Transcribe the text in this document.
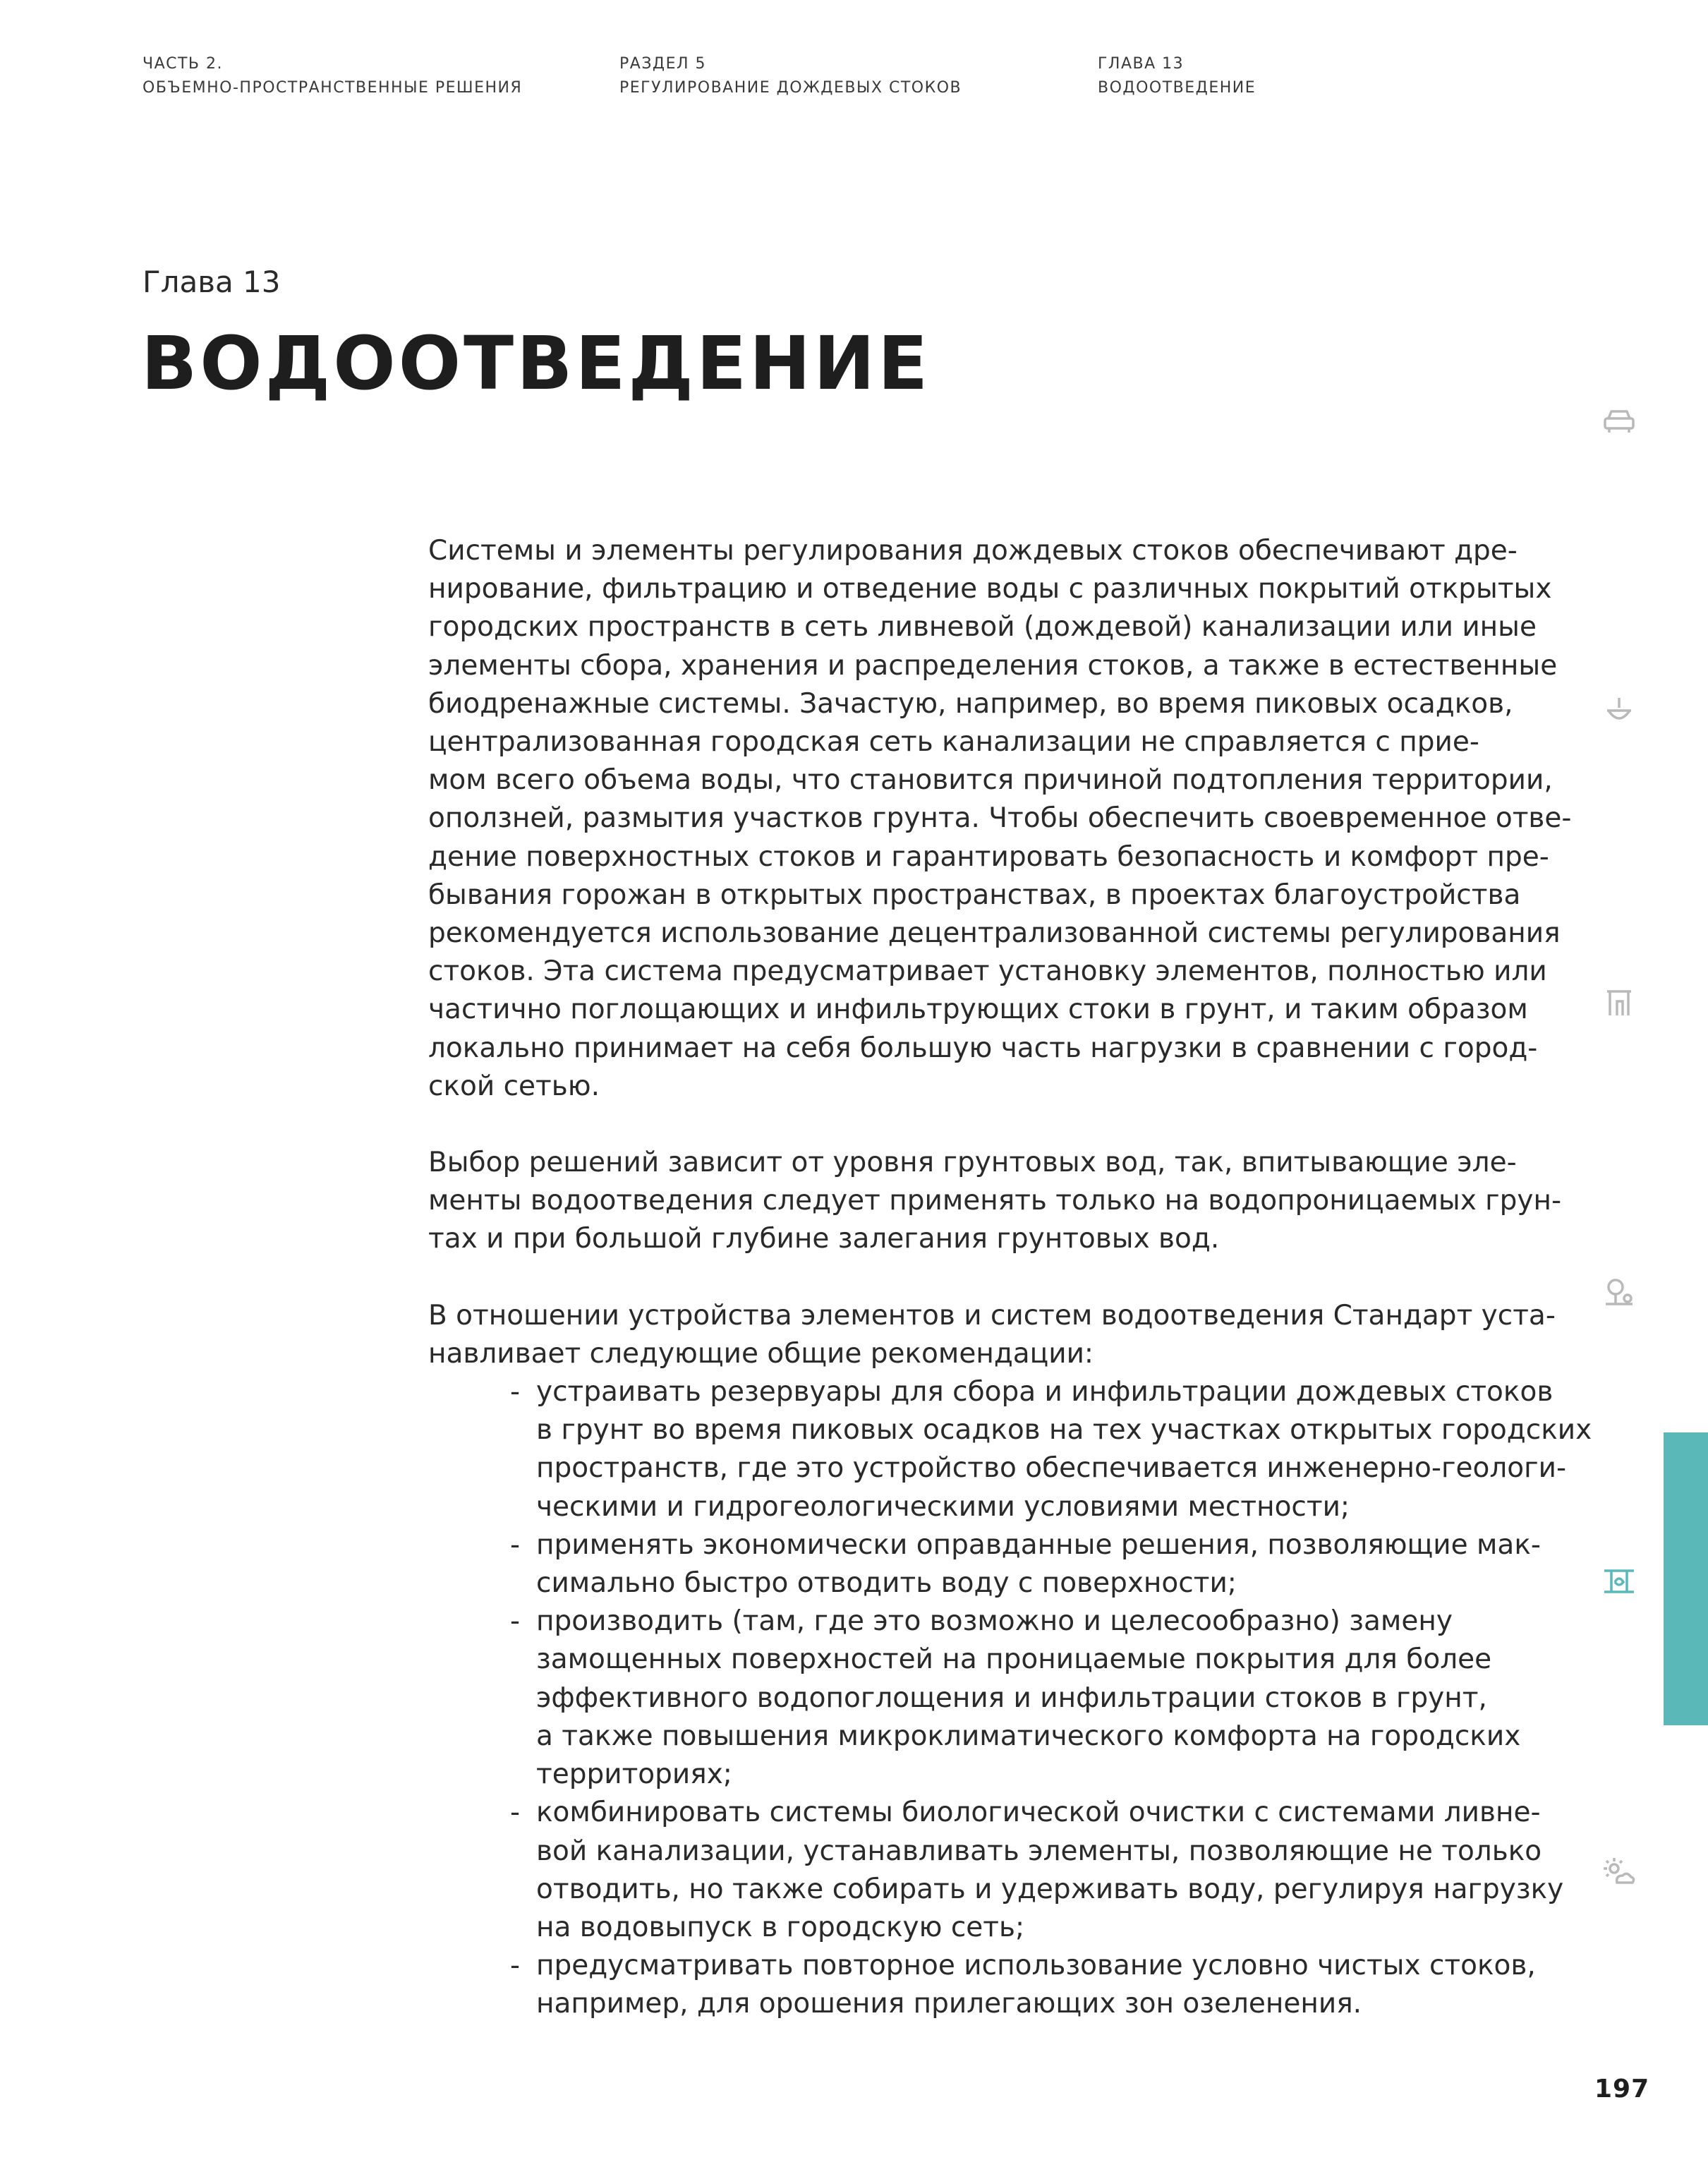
ЧАСТЬ 2.
ОБЪЕМНО-ПРОСТРАНСТВЕННЫЕ РЕШЕНИЯ
РАЗДЕЛ 5
РЕГУЛИРОВАНИЕ ДОЖДЕВЫХ СТОКОВ
ГЛАВА 13
ВОДООТВЕДЕНИЕ
Глава 13
ВОДООТВЕДЕНИЕ

Системы и элементы регулирования дождевых стоков обеспечивают дре-

нирование, фильтрацию и отведение воды с различных покрытий открытых

городских пространств в сеть ливневой (дождевой) канализации или иные

элементы сбора, хранения и распределения стоков, а также в естественные

биодренажные системы. Зачастую, например, во время пиковых осадков,

централизованная городская сеть канализации не справляется с прие-

мом всего объема воды, что становится причиной подтопления территории,

оползней, размытия участков грунта. Чтобы обеспечить своевременное отве-

дение поверхностных стоков и гарантировать безопасность и комфорт пре-

бывания горожан в открытых пространствах, в проектах благоустройства

рекомендуется использование децентрализованной системы регулирования

стоков. Эта система предусматривает установку элементов, полностью или

частично поглощающих и инфильтрующих стоки в грунт, и таким образом

локально принимает на себя большую часть нагрузки в сравнении с город-

ской сетью.

Выбор решений зависит от уровня грунтовых вод, так, впитывающие эле-

менты водоотведения следует применять только на водопроницаемых грун-

тах и при большой глубине залегания грунтовых вод.

В отношении устройства элементов и систем водоотведения Стандарт уста-

навливает следующие общие рекомендации:

- устраивать резервуары для сбора и инфильтрации дождевых стоков
в грунт во время пиковых осадков на тех участках открытых городских
пространств, где это устройство обеспечивается инженерно-геологи-
ческими и гидрогеологическими условиями местности;
- применять экономически оправданные решения, позволяющие мак-
симально быстро отводить воду с поверхности;
- производить (там, где это возможно и целесообразно) замену
замощенных поверхностей на проницаемые покрытия для более
эффективного водопоглощения и инфильтрации стоков в грунт,
а также повышения микроклиматического комфорта на городских
территориях;
- комбинировать системы биологической очистки с системами ливне-
вой канализации, устанавливать элементы, позволяющие не только
отводить, но также собирать и удерживать воду, регулируя нагрузку
на водовыпуск в городскую сеть;
- предусматривать повторное использование условно чистых стоков,
например, для орошения прилегающих зон озеленения.
197
